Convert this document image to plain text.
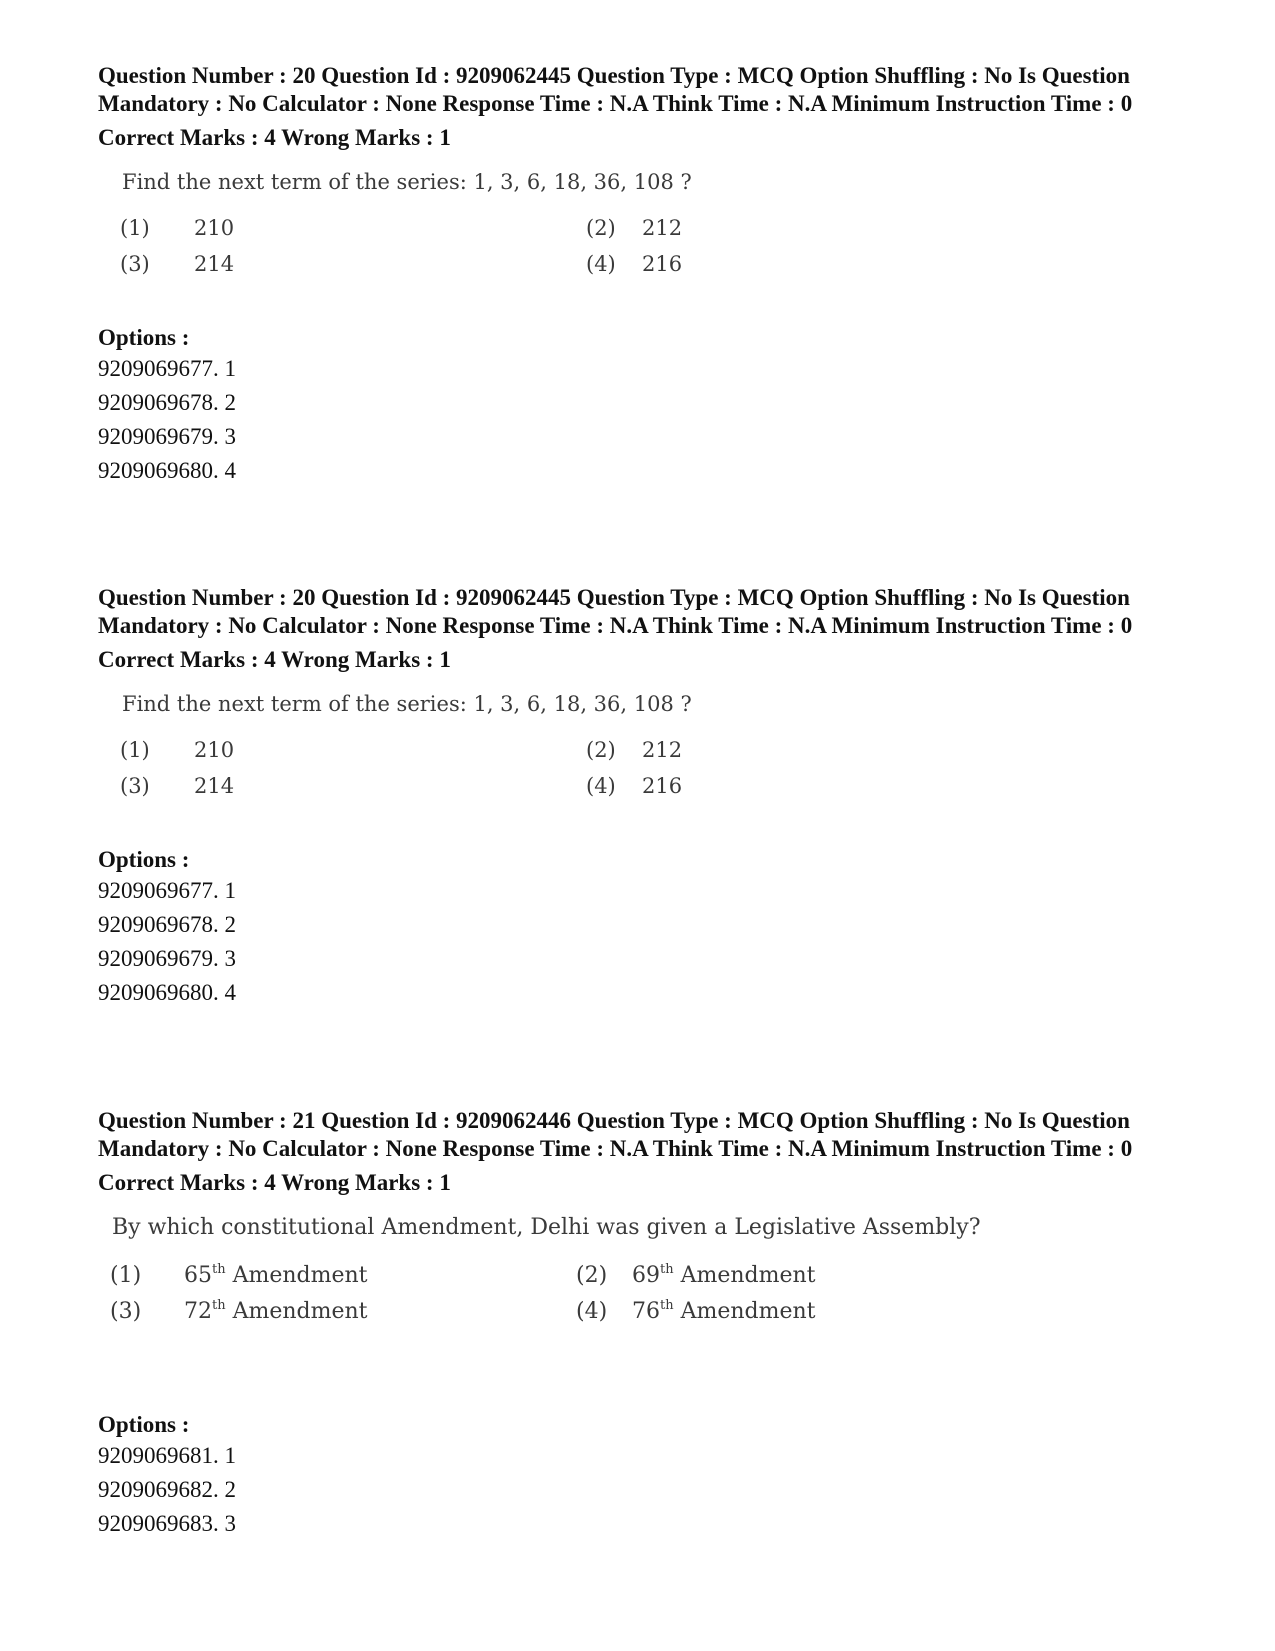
Question Number : 20 Question Id : 9209062445 Question Type : MCQ Option Shuffling : No Is Question Mandatory : No Calculator : None Response Time : N.A Think Time : N.A Minimum Instruction Time : 0

Correct Marks : 4 Wrong Marks : 1

Find the next term of the series: 1, 3, 6, 18, 36, 108 ?
(1) 210	(2) 212
(3) 214	(4) 216

Options :

9209069677. 1

9209069678. 2

9209069679. 3

9209069680. 4

Question Number : 20 Question Id : 9209062445 Question Type : MCQ Option Shuffling : No Is Question Mandatory : No Calculator : None Response Time : N.A Think Time : N.A Minimum Instruction Time : 0

Correct Marks : 4 Wrong Marks : 1

Find the next term of the series: 1, 3, 6, 18, 36, 108 ?
(1) 210	(2) 212
(3) 214	(4) 216

Options :

9209069677. 1

9209069678. 2

9209069679. 3

9209069680. 4

Question Number : 21 Question Id : 9209062446 Question Type : MCQ Option Shuffling : No Is Question Mandatory : No Calculator : None Response Time : N.A Think Time : N.A Minimum Instruction Time : 0

Correct Marks : 4 Wrong Marks : 1

By which constitutional Amendment, Delhi was given a Legislative Assembly?
(1) 65th Amendment	(2) 69th Amendment
(3) 72th Amendment	(4) 76th Amendment

Options :

9209069681. 1

9209069682. 2

9209069683. 3
